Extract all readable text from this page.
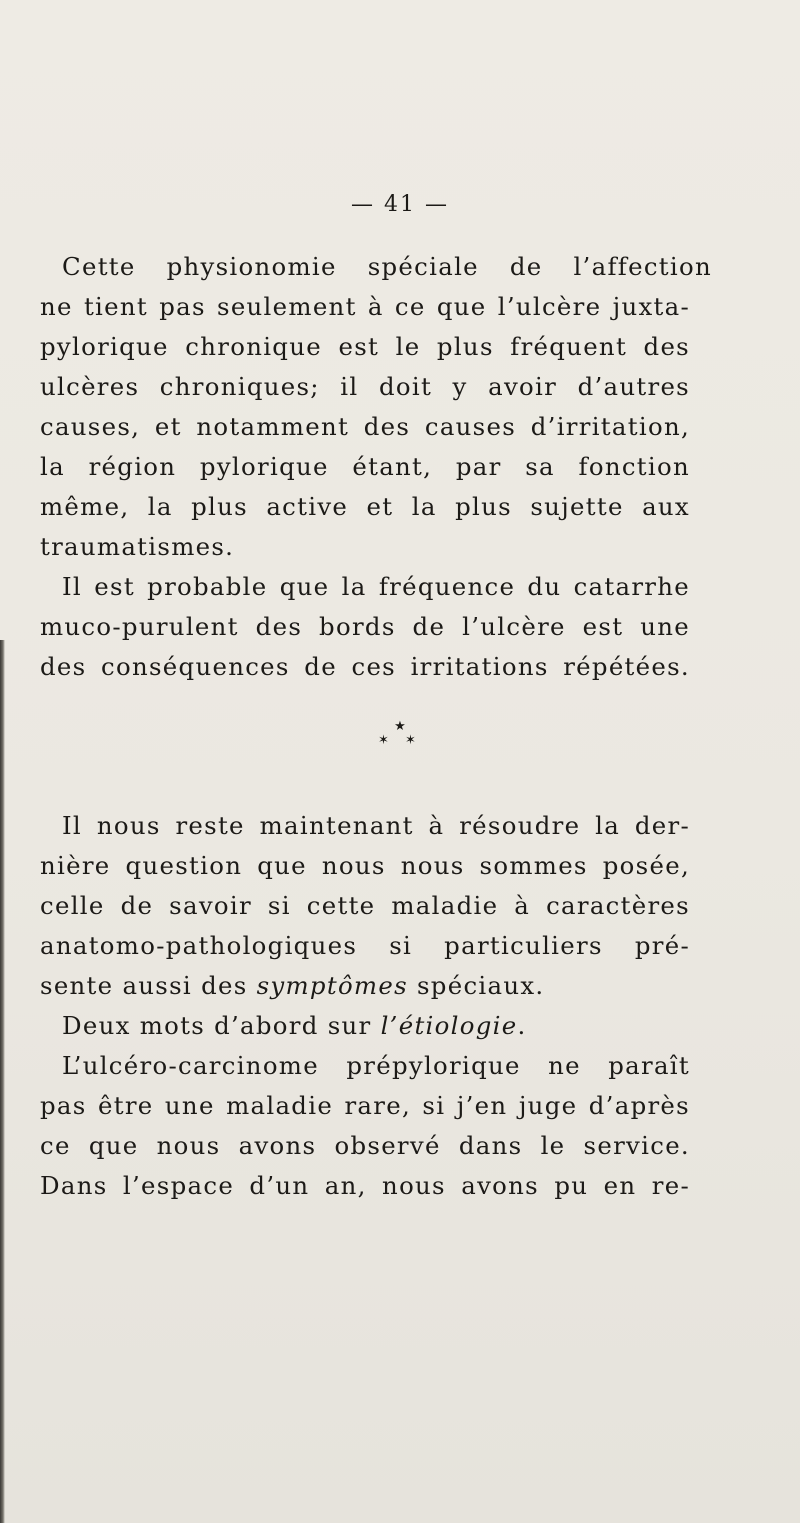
— 41 —

Cette physionomie spéciale de l’affection

ne tient pas seulement à ce que l’ulcère juxta-

pylorique chronique est le plus fréquent des

ulcères chroniques; il doit y avoir d’autres

causes, et notamment des causes d’irritation,

la région pylorique étant, par sa fonction

même, la plus active et la plus sujette aux

traumatismes.

Il est probable que la fréquence du catarrhe

muco-purulent des bords de l’ulcère est une

des conséquences de ces irritations répétées.

★
✶ ✶

Il nous reste maintenant à résoudre la der-

nière question que nous nous sommes posée,

celle de savoir si cette maladie à caractères

anatomo-pathologiques si particuliers pré-

sente aussi des symptômes spéciaux.

Deux mots d’abord sur l’étiologie.

L’ulcéro-carcinome prépylorique ne paraît

pas être une maladie rare, si j’en juge d’après

ce que nous avons observé dans le service.

Dans l’espace d’un an, nous avons pu en re-
